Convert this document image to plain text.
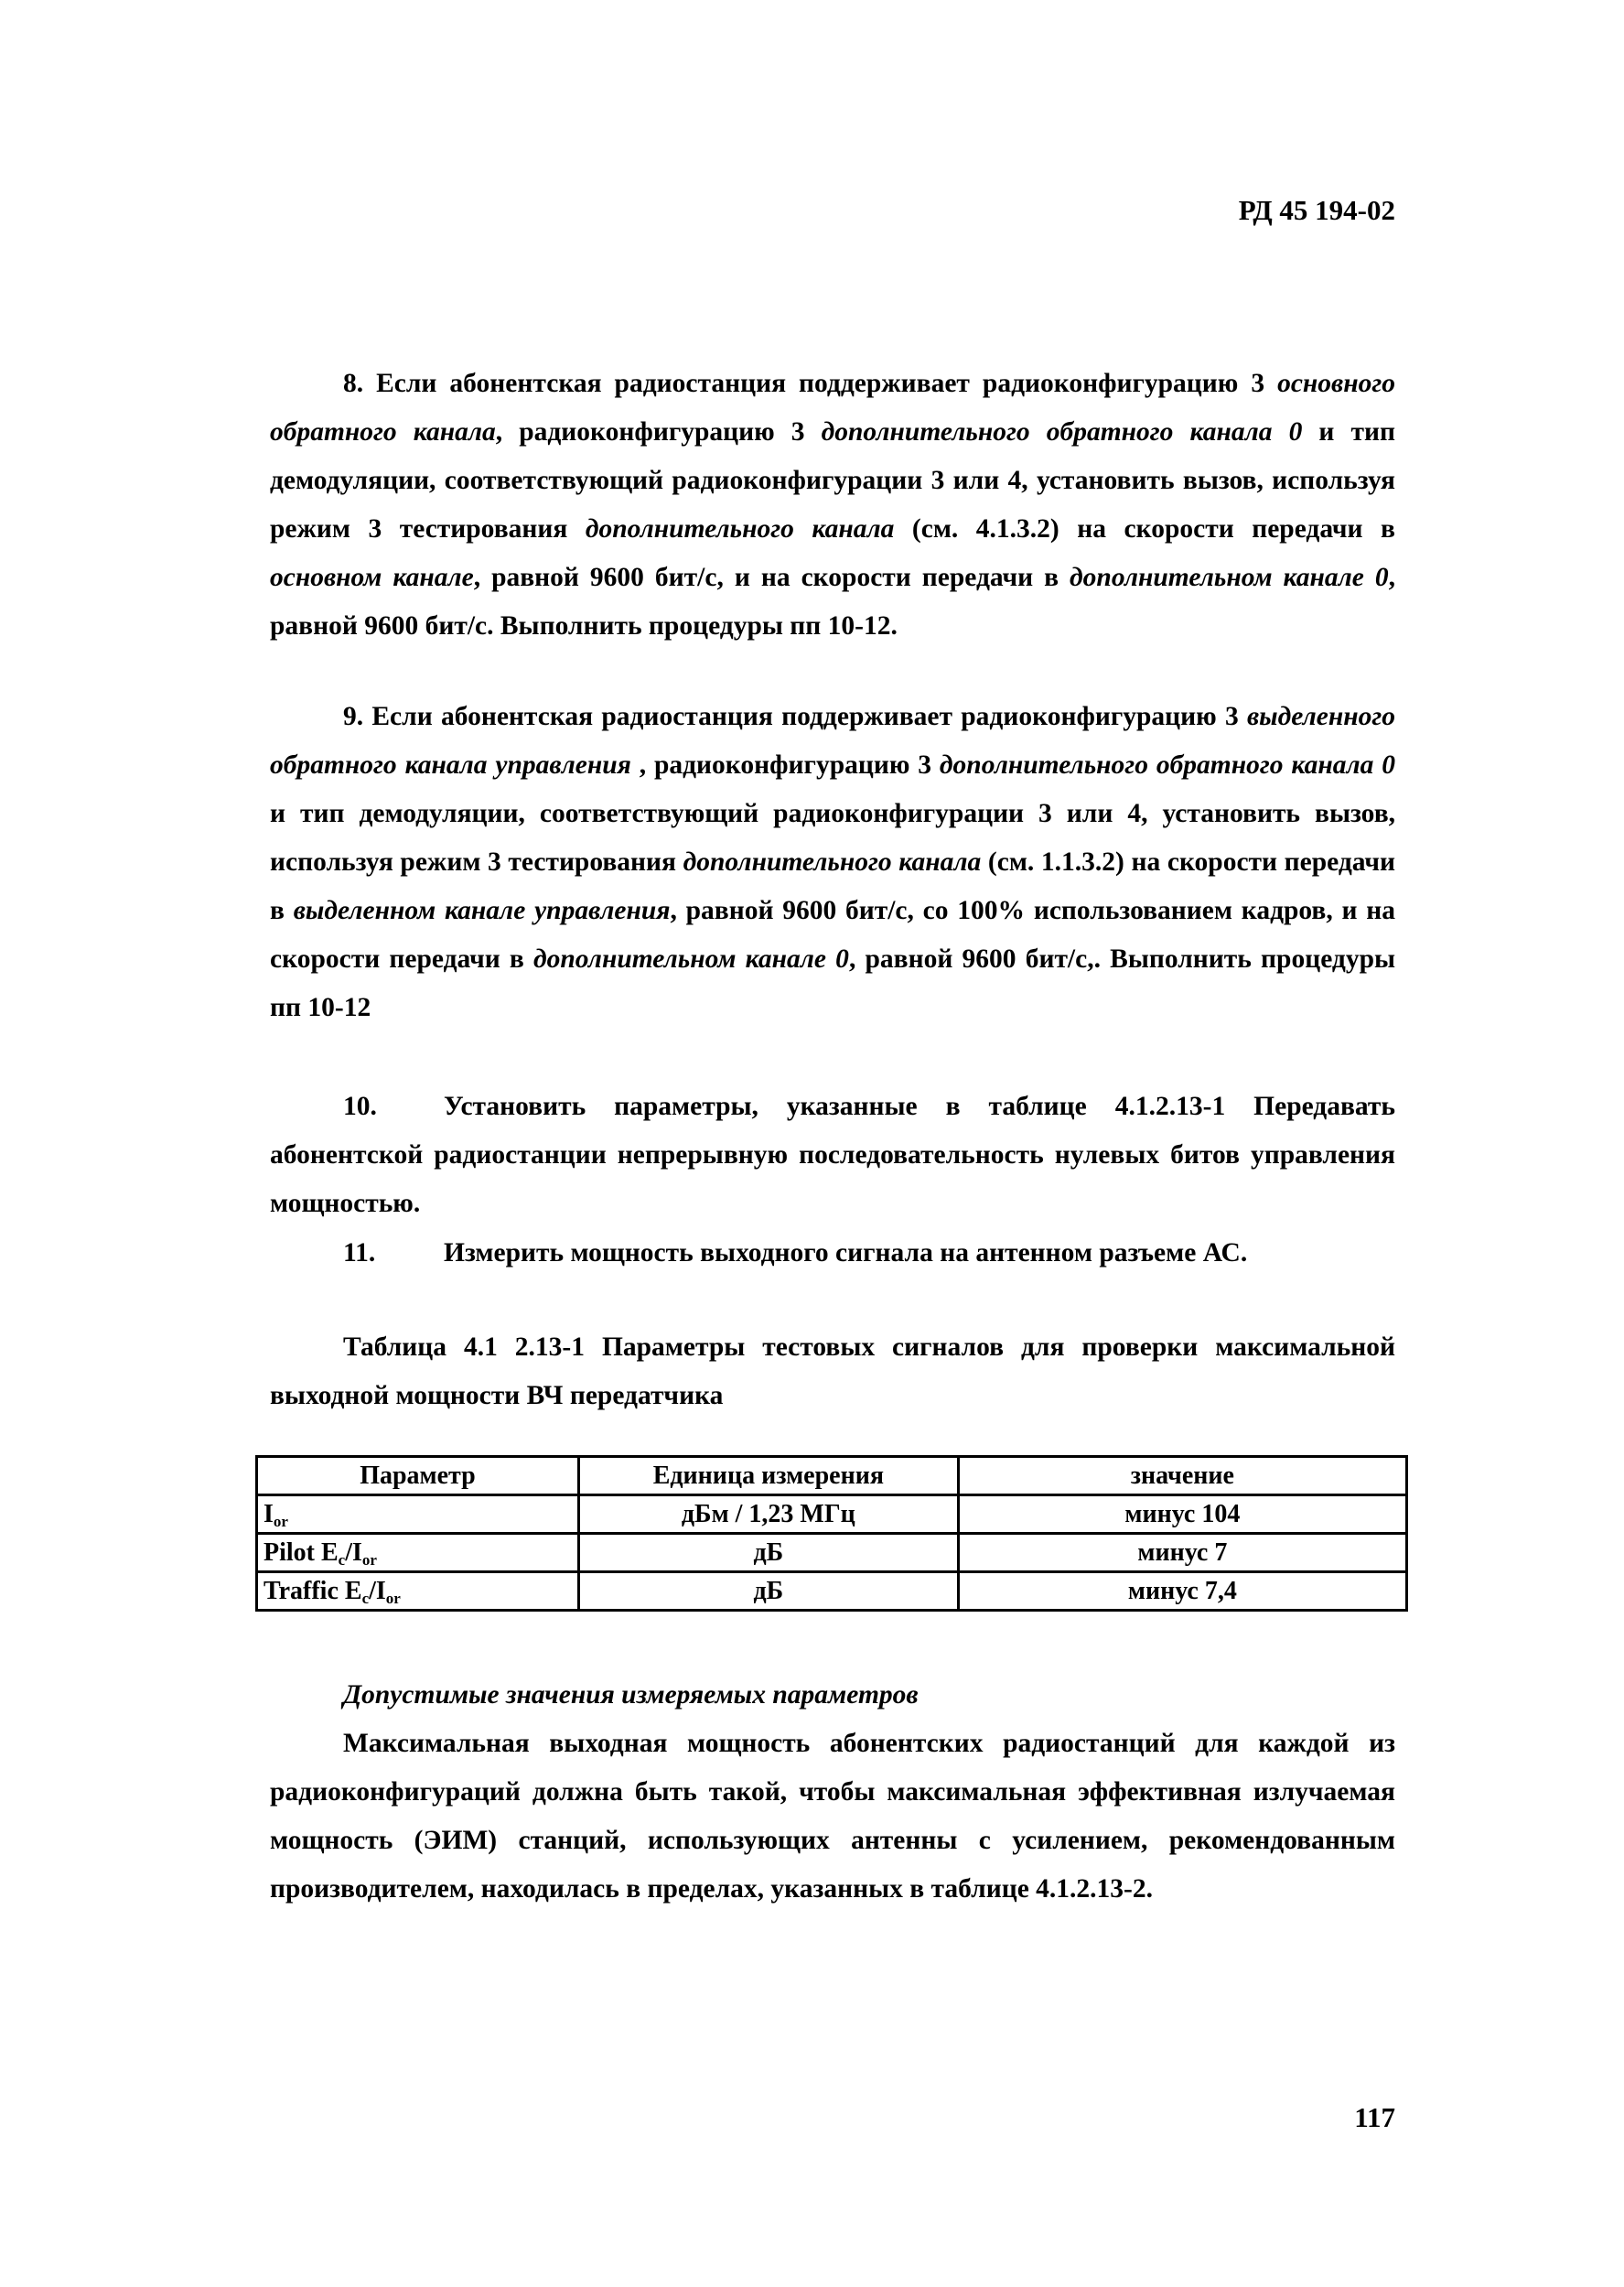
РД 45 194-02

8. Если абонентская радиостанция поддерживает радиоконфигурацию 3 основного обратного канала, радиоконфигурацию 3 дополнительного обратного канала 0 и тип демодуляции, соответствующий радиоконфигурации 3 или 4, установить вызов, используя режим 3 тестирования дополнительного канала (см. 4.1.3.2) на скорости передачи в основном канале, равной 9600 бит/с, и на скорости передачи в дополнительном канале 0, равной 9600 бит/с. Выполнить процедуры пп 10-12.

9. Если абонентская радиостанция поддерживает радиоконфигурацию 3 выделенного обратного канала управления , радиоконфигурацию 3 дополнительного обратного канала 0 и тип демодуляции, соответствующий радиоконфигурации 3 или 4, установить вызов, используя режим 3 тестирования дополнительного канала (см. 1.1.3.2) на скорости передачи в выделенном канале управления, равной 9600 бит/с, со 100% использованием кадров, и на скорости передачи в дополнительном канале 0, равной 9600 бит/с,. Выполнить процедуры пп 10-12

10. Установить параметры, указанные в таблице 4.1.2.13-1 Передавать абонентской радиостанции непрерывную последовательность нулевых битов управления мощностью.

11.	Измерить мощность выходного сигнала на антенном разъеме АС.

Таблица 4.1 2.13-1 Параметры тестовых сигналов для проверки максимальной выходной мощности ВЧ передатчика

Параметр	Единица измерения	значение
$I_{or}$	дБм / 1,23 МГц	минус 104
Pilot $E_c/I_{or}$	дБ	минус 7
Traffic $E_c/I_{or}$	дБ	минус 7,4

Допустимые значения измеряемых параметров

Максимальная выходная мощность абонентских радиостанций для каждой из радиоконфигураций должна быть такой, чтобы максимальная эффективная излучаемая мощность (ЭИМ) станций, использующих антенны с усилением, рекомендованным производителем, находилась в пределах, указанных в таблице 4.1.2.13-2.

117
